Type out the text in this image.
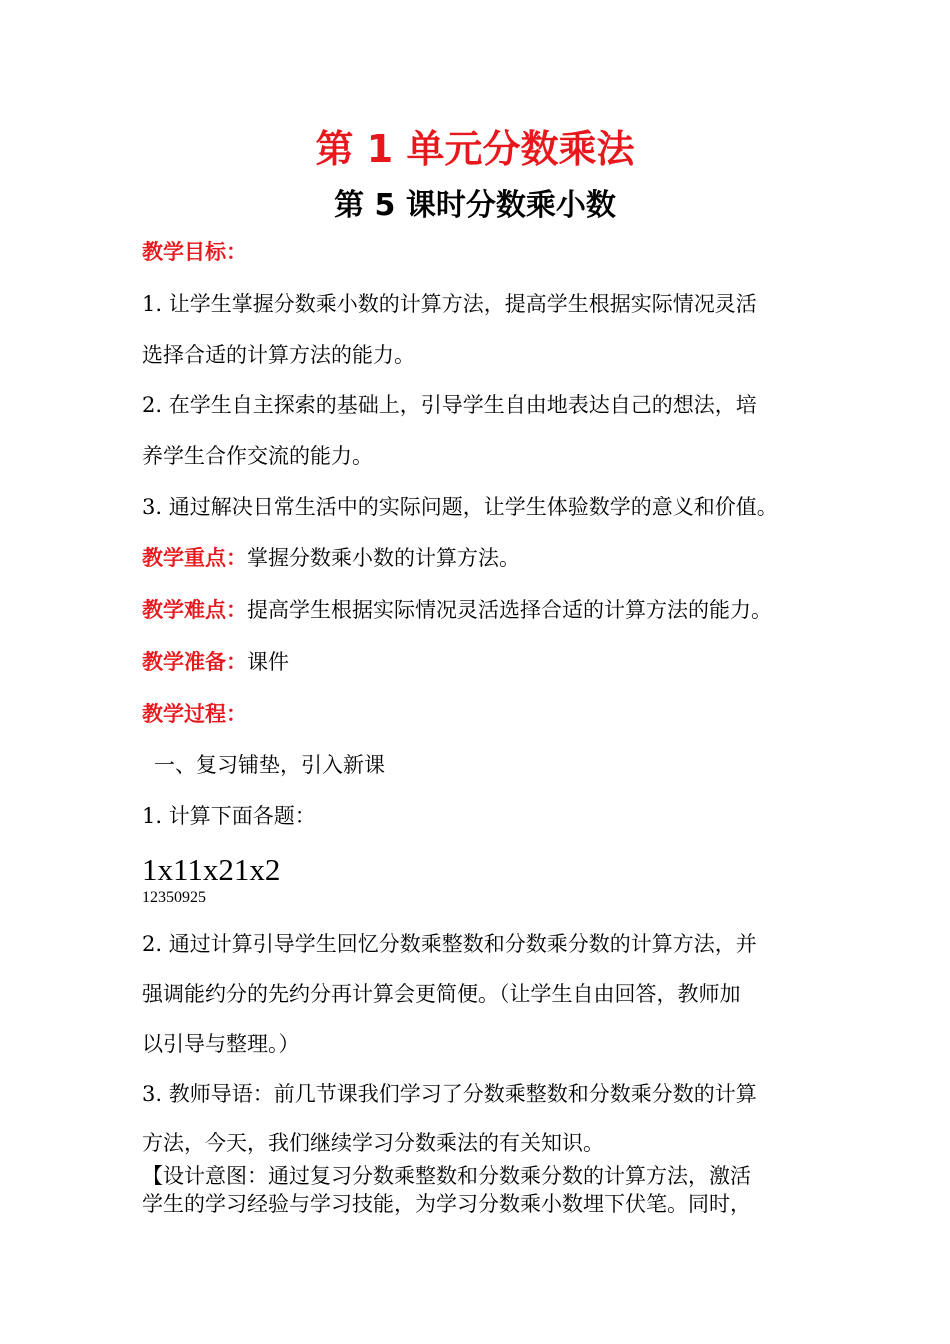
第 1 单元分数乘法
第 5 课时分数乘小数
教学目标：
1. 让学生掌握分数乘小数的计算方法，提高学生根据实际情况灵活
选择合适的计算方法的能力。
2. 在学生自主探索的基础上，引导学生自由地表达自己的想法，培
养学生合作交流的能力。
3. 通过解决日常生活中的实际问题，让学生体验数学的意义和价值。
教学重点：掌握分数乘小数的计算方法。
教学难点：提高学生根据实际情况灵活选择合适的计算方法的能力。
教学准备：课件
教学过程：
一、复习铺垫，引入新课
1. 计算下面各题：
1x11x21x2
12350925
2. 通过计算引导学生回忆分数乘整数和分数乘分数的计算方法，并
强调能约分的先约分再计算会更简便。（让学生自由回答，教师加
以引导与整理。）
3. 教师导语：前几节课我们学习了分数乘整数和分数乘分数的计算
方法，今天，我们继续学习分数乘法的有关知识。
【设计意图：通过复习分数乘整数和分数乘分数的计算方法，激活
学生的学习经验与学习技能，为学习分数乘小数埋下伏笔。同时，
